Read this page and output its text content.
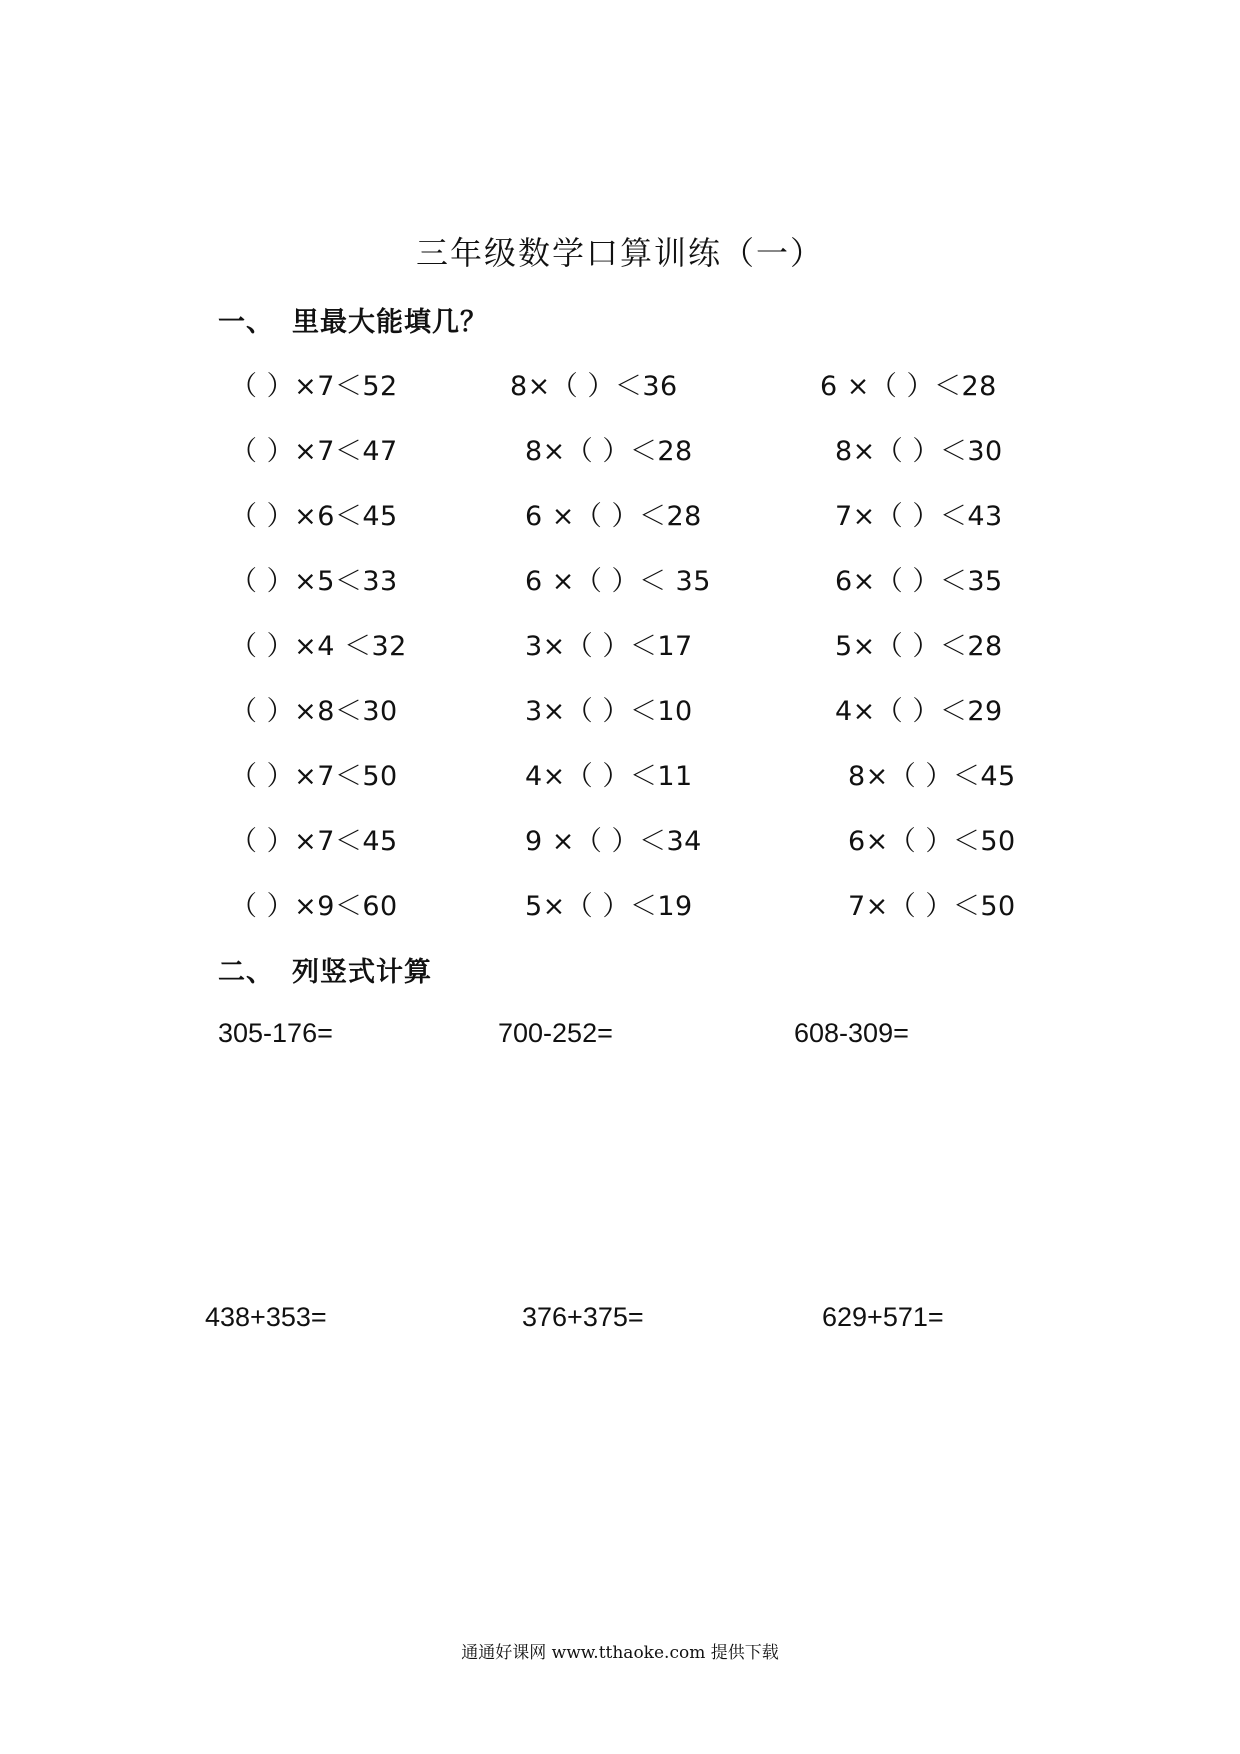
三年级数学口算训练（一）
一、 里最大能填几？
（ ）×7＜52	8×（ ）＜36	6 ×（ ）＜28
（ ）×7＜47	8×（ ）＜28	8×（ ）＜30
（ ）×6＜45	6 ×（ ）＜28	7×（ ）＜43
（ ）×5＜33	6 ×（ ）＜ 35	6×（ ）＜35
（ ）×4 ＜32	3×（ ）＜17	5×（ ）＜28
（ ）×8＜30	3×（ ）＜10	4×（ ）＜29
（ ）×7＜50	4×（ ）＜11	8×（ ）＜45
（ ）×7＜45	9 ×（ ）＜34	6×（ ）＜50
（ ）×9＜60	5×（ ）＜19	7×（ ）＜50
二、 列竖式计算
305-176=	700-252=	608-309=
438+353=	376+375=	629+571=
通通好课网 www.tthaoke.com 提供下载
